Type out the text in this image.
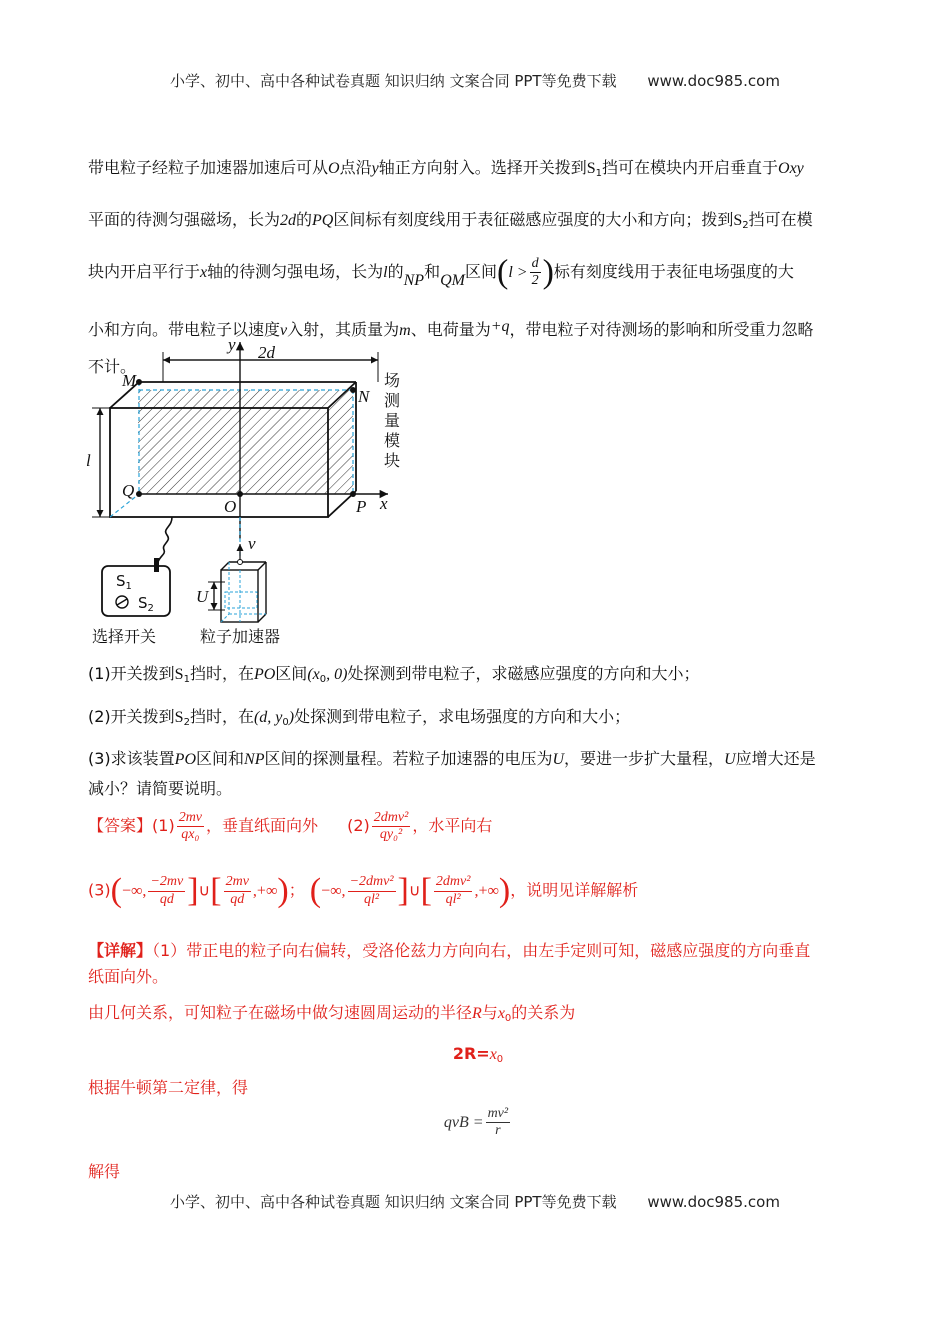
小学、初中、高中各种试卷真题 知识归纳 文案合同 PPT等免费下载 www.doc985.com
带电粒子经粒子加速器加速后可从O点沿y轴正方向射入。选择开关拨到$S_1$挡可在模块内开启垂直于Oxy
平面的待测匀强磁场，长为2d的PQ区间标有刻度线用于表征磁感应强度的大小和方向；拨到$S_2$挡可在模
块内开启平行于x轴的待测匀强电场，长为l的NP和QM区间($l > \frac{d}{2}$ )标有刻度线用于表征电场强度的大
小和方向。带电粒子以速度v入射，其质量为m、电荷量为+q，带电粒子对待测场的影响和所受重力忽略
不计。
y
x
2d
l
M
N
Q
O	P
场
测
量
模
块
$S_1$
$S_2$
选择开关	粒子加速器
v
U
(1)开关拨到$S_1$挡时，在PO区间($x_0$, 0)处探测到带电粒子，求磁感应强度的方向和大小；
(2)开关拨到$S_2$挡时，在(d, $y_0$)处探测到带电粒子，求电场强度的方向和大小；
(3)求该装置PO区间和NP区间的探测量程。若粒子加速器的电压为U，要进一步扩大量程，U应增大还是
减小？请简要说明。
【答案】$(1) \frac{2mv}{\text{qx₀}}$ ，垂直纸面向外 $(2) \frac{\text{2dmv²}}{\text{qy₀²}}$ ，水平向右
(3)(−∞, $\frac{-2mv}{qd}$ ]∪[ $\frac{2mv}{qd}$ ,+∞)； (−∞, $\frac{\text{−2dmv²}}{\text{ql²}}$ ]∪[ $\frac{\text{2dmv²}}{\text{ql²}}$ ,+∞)，说明见详解解析
【详解】（1）带正电的粒子向右偏转，受洛伦兹力方向向右，由左手定则可知，磁感应强度的方向垂直
纸面向外。
由几何关系，可知粒子在磁场中做匀速圆周运动的半径R与$x_0$的关系为
$2R=x_0$
根据牛顿第二定律，得
qvB = $\frac{\text{mv²}}{r}$
解得
小学、初中、高中各种试卷真题 知识归纳 文案合同 PPT等免费下载 www.doc985.com
